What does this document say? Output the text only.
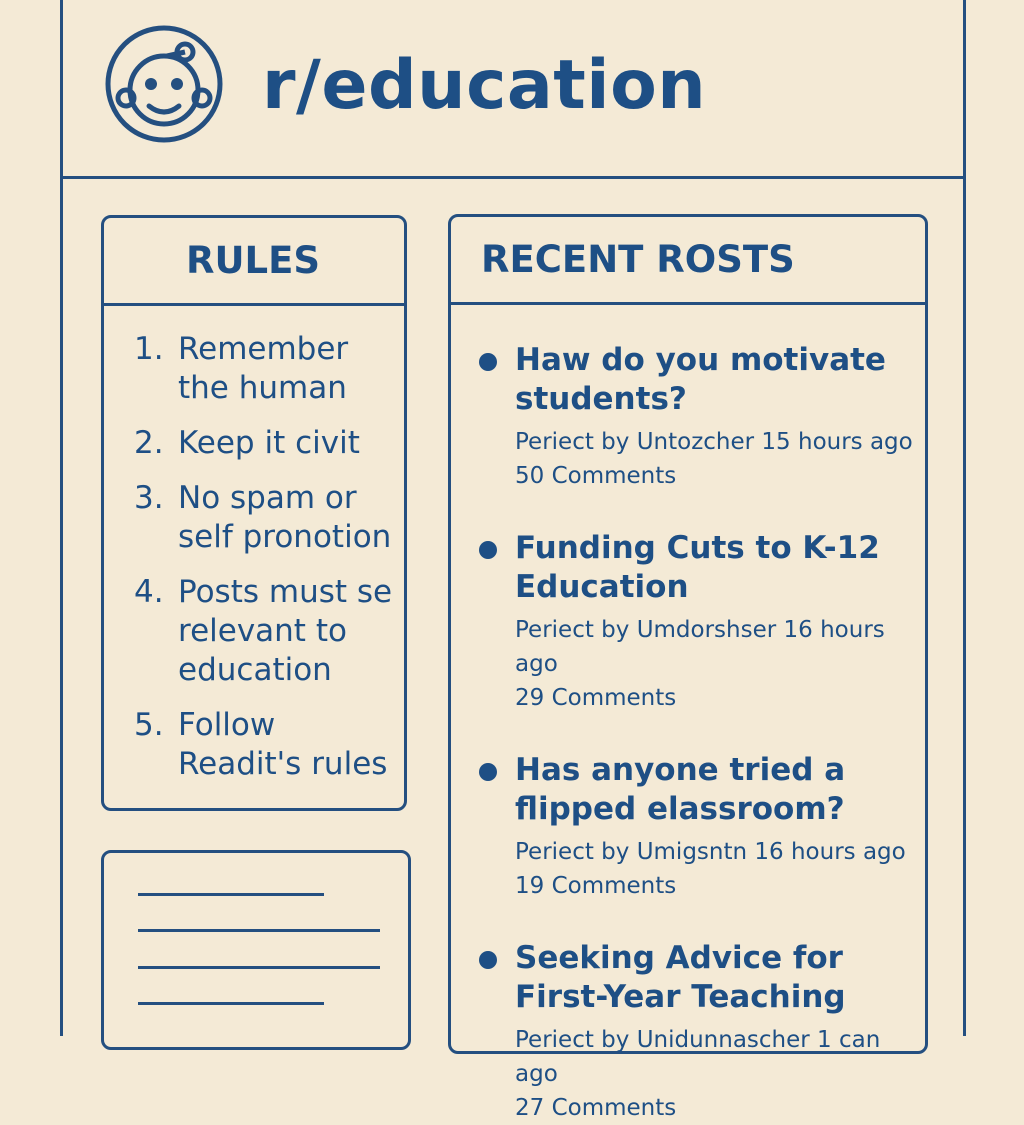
r/education
RULES
1. Remember the human
2. Keep it civit
3. No spam or self pronotion
4. Posts must se relevant to education
5. Follow Readit's rules
RECENT ROSTS
Haw do you motivate students?
Periect by Untozcher 15 hours ago
50 Comments
Funding Cuts to K-12 Education
Periect by Umdorshser 16 hours ago
29 Comments
Has anyone tried a flipped elassroom?
Periect by Umigsntn 16 hours ago
19 Comments
Seeking Advice for First-Year Teaching
Periect by Unidunnascher 1 can ago
27 Comments
